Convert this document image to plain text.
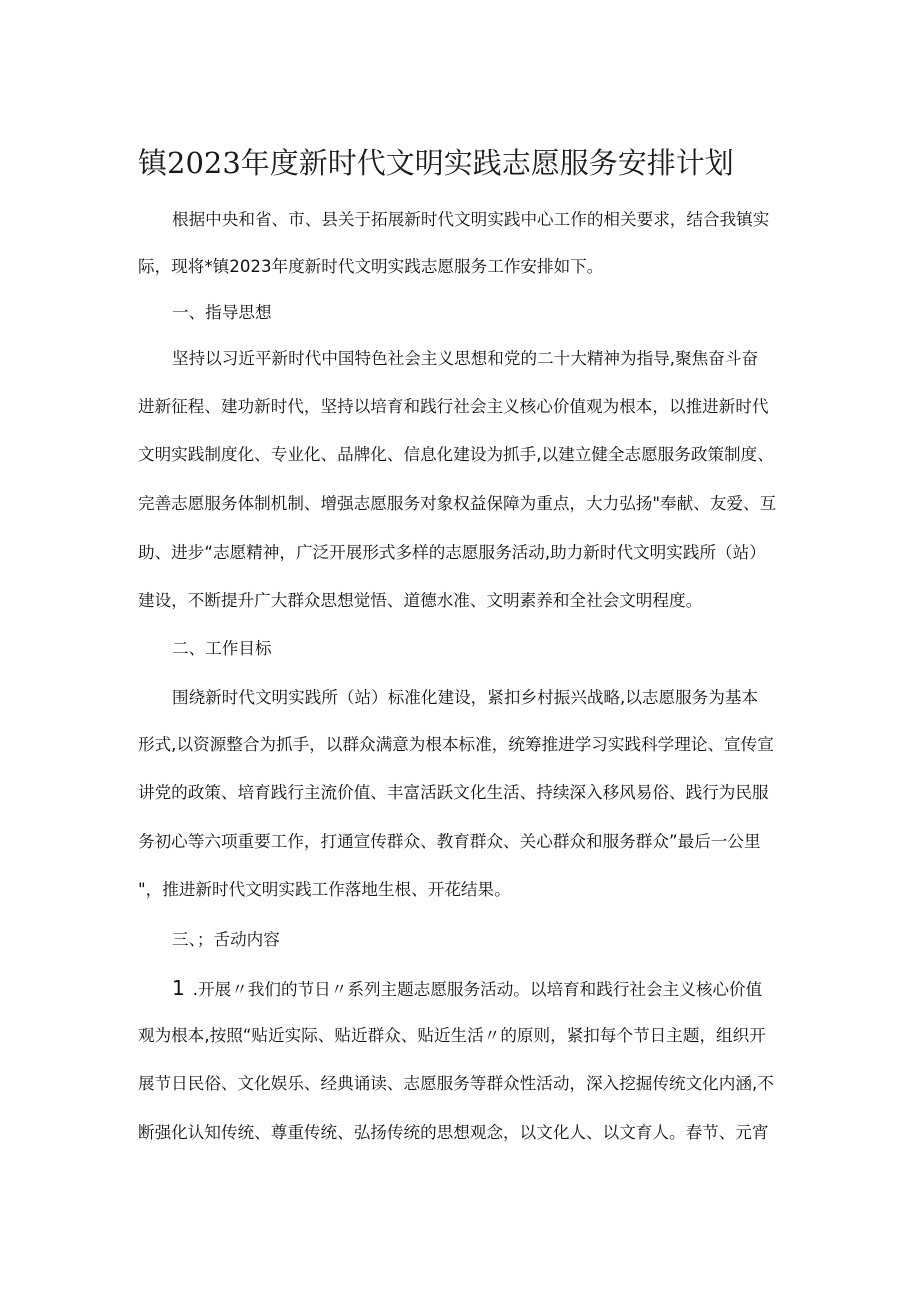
镇2023年度新时代文明实践志愿服务安排计划
根据中央和省、市、县关于拓展新时代文明实践中心工作的相关要求，结合我镇实
际，现将*镇2023年度新时代文明实践志愿服务工作安排如下。
一、指导思想
坚持以习近平新时代中国特色社会主义思想和党的二十大精神为指导,聚焦奋斗奋
进新征程、建功新时代，坚持以培育和践行社会主义核心价值观为根本，以推进新时代
文明实践制度化、专业化、品牌化、信息化建设为抓手,以建立健全志愿服务政策制度、
完善志愿服务体制机制、增强志愿服务对象权益保障为重点，大力弘扬"奉献、友爱、互
助、进步“志愿精神，广泛开展形式多样的志愿服务活动,助力新时代文明实践所（站）
建设，不断提升广大群众思想觉悟、道德水准、文明素养和全社会文明程度。
二、工作目标
围绕新时代文明实践所（站）标准化建设，紧扣乡村振兴战略,以志愿服务为基本
形式,以资源整合为抓手，以群众满意为根本标准，统筹推进学习实践科学理论、宣传宣
讲党的政策、培育践行主流价值、丰富活跃文化生活、持续深入移风易俗、践行为民服
务初心等六项重要工作，打通宣传群众、教育群众、关心群众和服务群众”最后一公里
"，推进新时代文明实践工作落地生根、开花结果。
三、；舌动内容
1 .开展〃我们的节日〃系列主题志愿服务活动。以培育和践行社会主义核心价值
观为根本,按照“贴近实际、贴近群众、贴近生活〃的原则，紧扣每个节日主题，组织开
展节日民俗、文化娱乐、经典诵读、志愿服务等群众性活动，深入挖掘传统文化内涵,不
断强化认知传统、尊重传统、弘扬传统的思想观念，以文化人、以文育人。春节、元宵
